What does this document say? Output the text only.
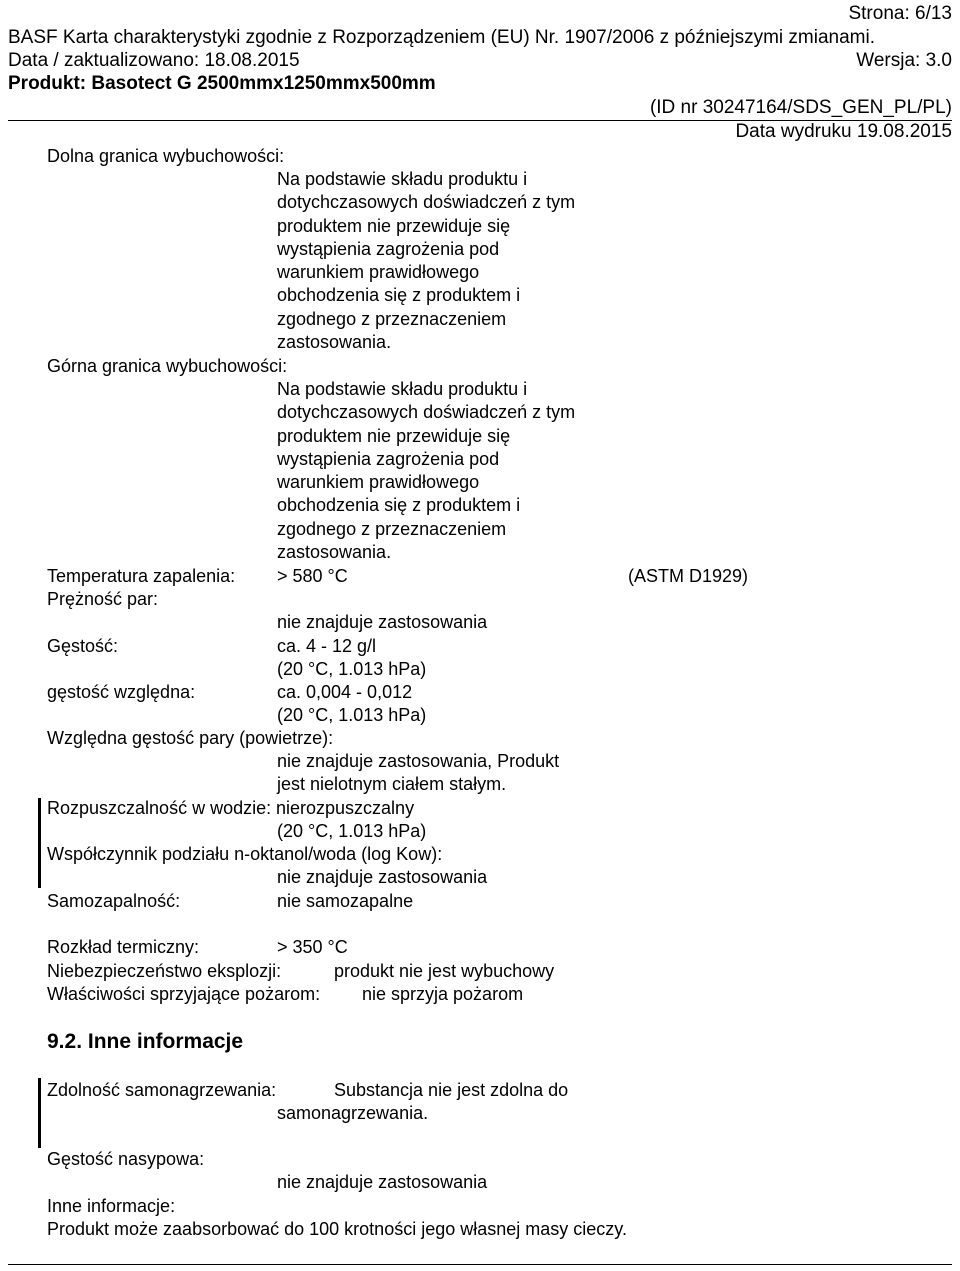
Strona: 6/13
BASF Karta charakterystyki zgodnie z Rozporządzeniem (EU) Nr. 1907/2006 z późniejszymi zmianami.
Data / zaktualizowano: 18.08.2015	Wersja: 3.0
Produkt: Basotect G 2500mmx1250mmx500mm
(ID nr 30247164/SDS_GEN_PL/PL)
Data wydruku 19.08.2015
Dolna granica wybuchowości:
Na podstawie składu produktu i
dotychczasowych doświadczeń z tym
produktem nie przewiduje się
wystąpienia zagrożenia pod
warunkiem prawidłowego
obchodzenia się z produktem i
zgodnego z przeznaczeniem
zastosowania.
Górna granica wybuchowości:
Na podstawie składu produktu i
dotychczasowych doświadczeń z tym
produktem nie przewiduje się
wystąpienia zagrożenia pod
warunkiem prawidłowego
obchodzenia się z produktem i
zgodnego z przeznaczeniem
zastosowania.
Temperatura zapalenia: > 580 °C	(ASTM D1929)
Prężność par:
nie znajduje zastosowania
Gęstość:	ca. 4 - 12 g/l
(20 °C, 1.013 hPa)
gęstość względna:	ca. 0,004 - 0,012
(20 °C, 1.013 hPa)
Względna gęstość pary (powietrze):
nie znajduje zastosowania, Produkt
jest nielotnym ciałem stałym.
Rozpuszczalność w wodzie: nierozpuszczalny
(20 °C, 1.013 hPa)
Współczynnik podziału n-oktanol/woda (log Kow):
nie znajduje zastosowania
Samozapalność:	nie samozapalne
Rozkład termiczny:	> 350 °C
Niebezpieczeństwo eksplozji:	produkt nie jest wybuchowy
Właściwości sprzyjające pożarom: nie sprzyja pożarom
9.2. Inne informacje
Zdolność samonagrzewania:	Substancja nie jest zdolna do
samonagrzewania.
Gęstość nasypowa:
nie znajduje zastosowania
Inne informacje:
Produkt może zaabsorbować do 100 krotności jego własnej masy cieczy.
